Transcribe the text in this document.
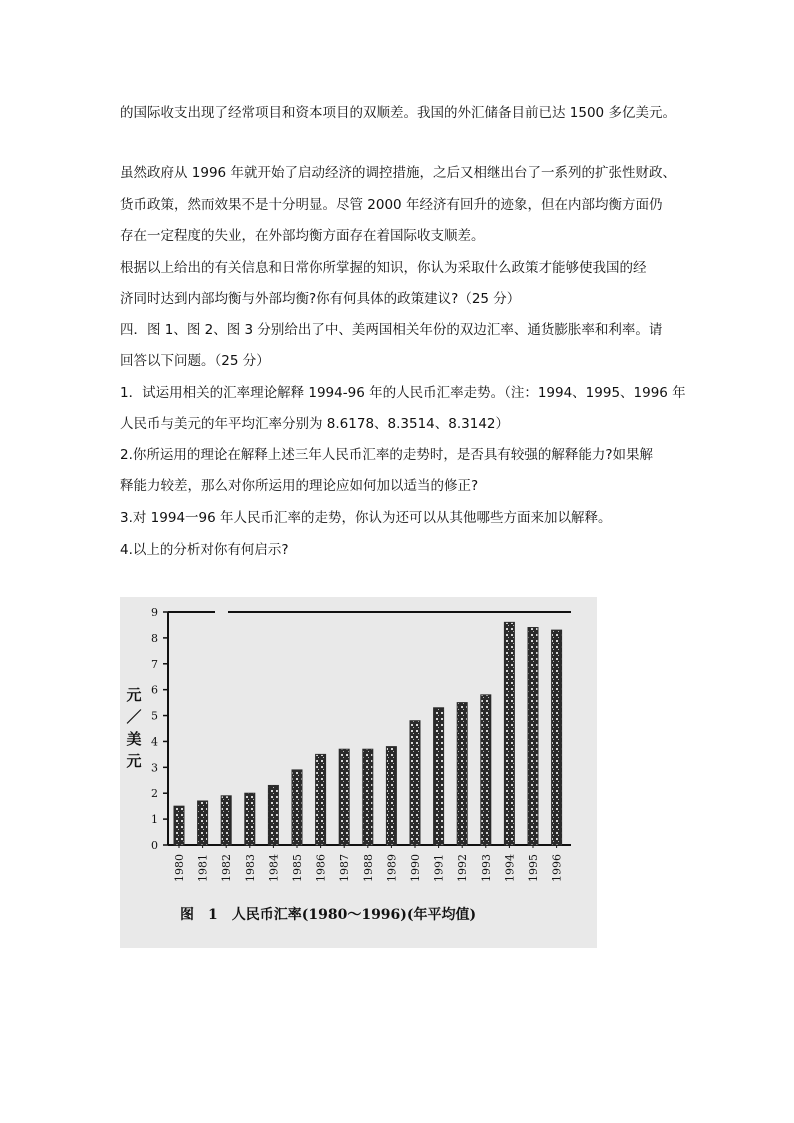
的国际收支出现了经常项目和资本项目的双顺差。我国的外汇储备目前已达 1500 多亿美元。
虽然政府从 1996 年就开始了启动经济的调控措施，之后又相继出台了一系列的扩张性财政、
货币政策，然而效果不是十分明显。尽管 2000 年经济有回升的迹象，但在内部均衡方面仍
存在一定程度的失业，在外部均衡方面存在着国际收支顺差。
根据以上给出的有关信息和日常你所掌握的知识，你认为采取什么政策才能够使我国的经
济同时达到内部均衡与外部均衡?你有何具体的政策建议?（25 分）
四．图 1、图 2、图 3 分别给出了中、美两国相关年份的双边汇率、通货膨胀率和利率。请
回答以下问题。（25 分）
1．试运用相关的汇率理论解释 1994-96 年的人民币汇率走势。（注：1994、1995、1996 年
人民币与美元的年平均汇率分别为 8.6178、8.3514、8.3142）
2.你所运用的理论在解释上述三年人民币汇率的走势时，是否具有较强的解释能力?如果解
释能力较差，那么对你所运用的理论应如何加以适当的修正?
3.对 1994一96 年人民币汇率的走势，你认为还可以从其他哪些方面来加以解释。
4.以上的分析对你有何启示?
0
1
2
3
4
5
6
7
8
9
元
／
美
元
1980 1981 1982 1983 1984 1985 1986 1987 1988 1989 1990 1991 1992 1993 1994 1995 1996
图　1　人民币汇率(1980～1996)(年平均值)
